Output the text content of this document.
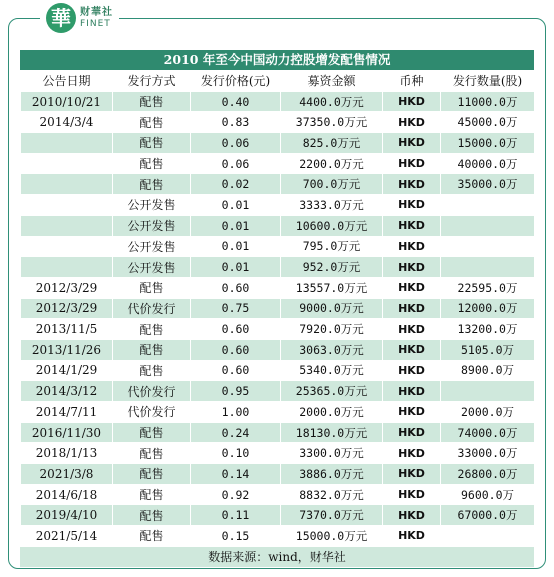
華 财華社
FINET
2010 年至今中国动力控股增发配售情况
公告日期	发行方式	发行价格(元)	募资金额	币种	发行数量(股)
2010/10/21	配售	0.40	4400.0万元	HKD	11000.0万
2014/3/4	配售	0.83	37350.0万元	HKD	45000.0万
	配售	0.06	825.0万元	HKD	15000.0万
	配售	0.06	2200.0万元	HKD	40000.0万
	配售	0.02	700.0万元	HKD	35000.0万
	公开发售	0.01	3333.0万元	HKD	
	公开发售	0.01	10600.0万元	HKD	
	公开发售	0.01	795.0万元	HKD	
	公开发售	0.01	952.0万元	HKD	
2012/3/29	配售	0.60	13557.0万元	HKD	22595.0万
2012/3/29	代价发行	0.75	9000.0万元	HKD	12000.0万
2013/11/5	配售	0.60	7920.0万元	HKD	13200.0万
2013/11/26	配售	0.60	3063.0万元	HKD	5105.0万
2014/1/29	配售	0.60	5340.0万元	HKD	8900.0万
2014/3/12	代价发行	0.95	25365.0万元	HKD	
2014/7/11	代价发行	1.00	2000.0万元	HKD	2000.0万
2016/11/30	配售	0.24	18130.0万元	HKD	74000.0万
2018/1/13	配售	0.10	3300.0万元	HKD	33000.0万
2021/3/8	配售	0.14	3886.0万元	HKD	26800.0万
2014/6/18	配售	0.92	8832.0万元	HKD	9600.0万
2019/4/10	配售	0.11	7370.0万元	HKD	67000.0万
2021/5/14	配售	0.15	15000.0万元	HKD	
数据来源：wind，财华社
